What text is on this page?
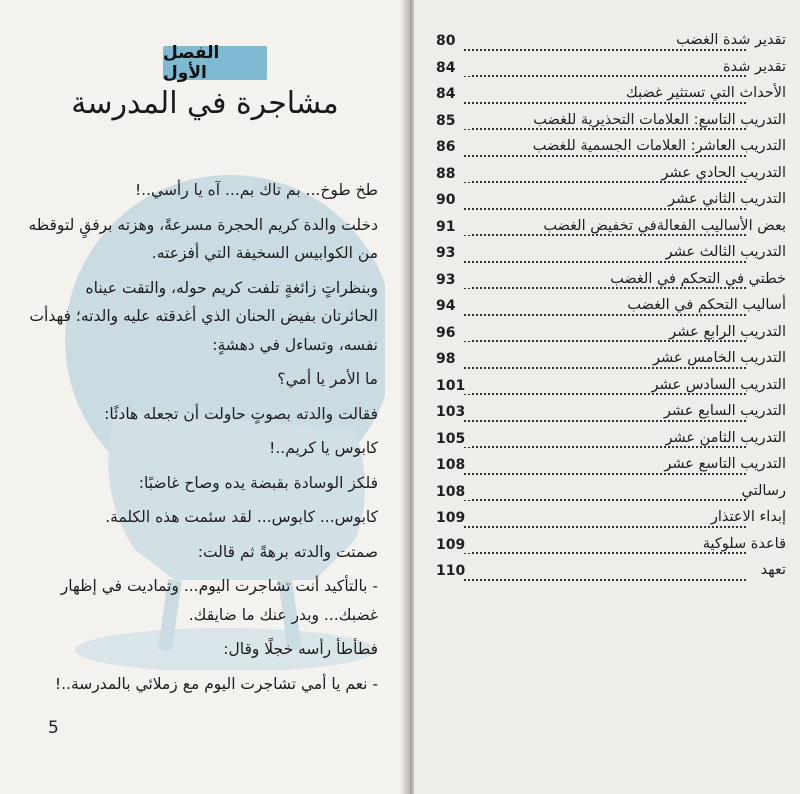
الفصل الأول
مشاجرة في المدرسة

طخ طوخ... بم تاك بم... آه يا رأسي..!

دخلت والدة كريم الحجرة مسرعةً، وهزته برفقٍ لتوقظه من الكوابيس السخيفة التي أفزعته.

وبنظراتٍ زائغةٍ تلفت كريم حوله، والتقت عيناه الحائرتان بفيض الحنان الذي أغدقته عليه والدته؛ فهدأت نفسه، وتساءل في دهشةٍ:

ما الأمر يا أمي؟

فقالت والدته بصوتٍ حاولت أن تجعله هادئًا:

كابوس يا كريم..!

فلكز الوسادة بقبضة يده وصاح غاضبًا:

كابوس... كابوس... لقد سئمت هذه الكلمة.

صمتت والدته برهةً ثم قالت:

- بالتأكيد أنت تشاجرت اليوم... وتماديت في إظهار غضبك... وبدر عنك ما ضايقك.

فطأطأ رأسه خجلًا وقال:

- نعم يا أمي تشاجرت اليوم مع زملائي بالمدرسة..!

5
تقدير شدة الغضب
80
تقدير شدة
84
الأحداث التي تستثير غضبك
84
التدريب التاسع: العلامات التحذيرية للغضب
85
التدريب العاشر: العلامات الجسمية للغضب
86
التدريب الحادي عشر
88
التدريب الثاني عشر
90
بعض الأساليب الفعالةفي تخفيض الغضب
91
التدريب الثالث عشر
93
خطتي في التحكم في الغضب
93
أساليب التحكم في الغضب
94
التدريب الرابع عشر
96
التدريب الخامس عشر
98
التدريب السادس عشر
101
التدريب السابع عشر
103
التدريب الثامن عشر
105
التدريب التاسع عشر
108
رسالتي
108
إبداء الاعتذار
109
قاعدة سلوكية
109
تعهد
110
